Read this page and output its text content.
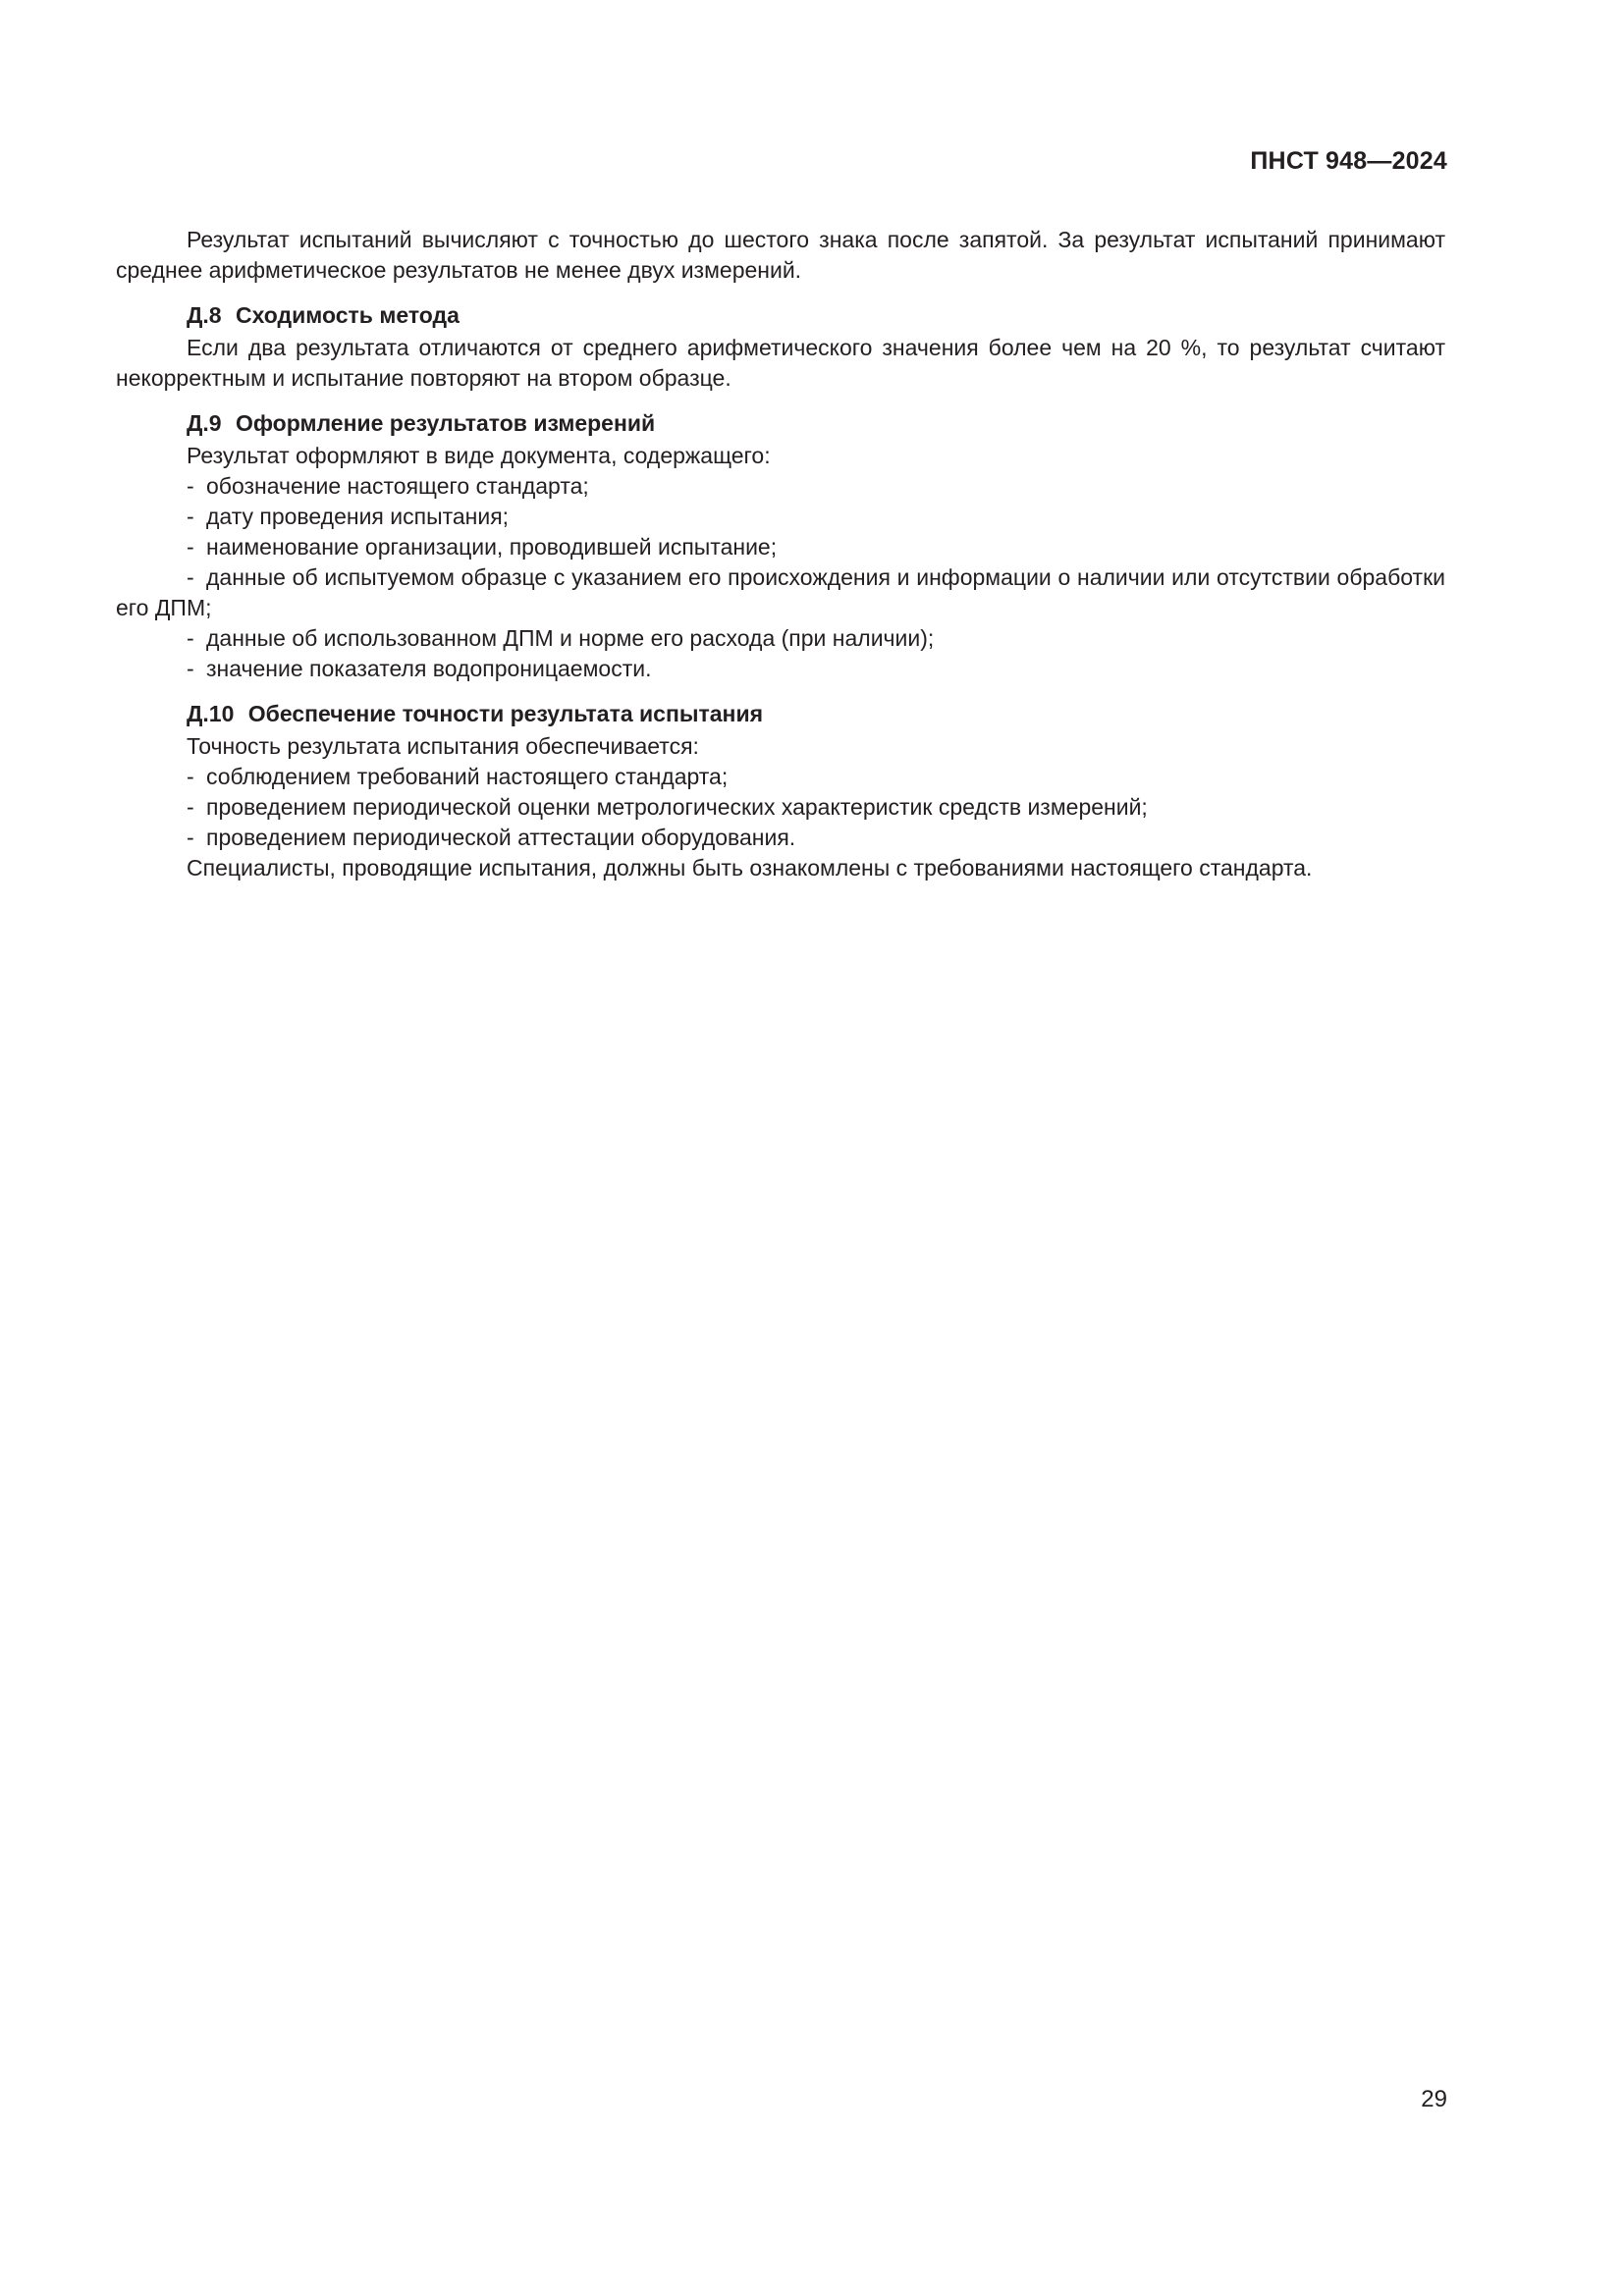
ПНСТ 948—2024

Результат испытаний вычисляют с точностью до шестого знака после запятой. За результат испытаний принимают среднее арифметическое результатов не менее двух измерений.

Д.8 Сходимость метода

Если два результата отличаются от среднего арифметического значения более чем на 20 %, то результат считают некорректным и испытание повторяют на втором образце.

Д.9 Оформление результатов измерений

Результат оформляют в виде документа, содержащего:

- обозначение настоящего стандарта;
- дату проведения испытания;
- наименование организации, проводившей испытание;
- данные об испытуемом образце с указанием его происхождения и информации о наличии или отсутствии обработки его ДПМ;
- данные об использованном ДПМ и норме его расхода (при наличии);
- значение показателя водопроницаемости.
Д.10 Обеспечение точности результата испытания

Точность результата испытания обеспечивается:

- соблюдением требований настоящего стандарта;
- проведением периодической оценки метрологических характеристик средств измерений;
- проведением периодической аттестации оборудования.

Специалисты, проводящие испытания, должны быть ознакомлены с требованиями настоящего стандарта.

29
